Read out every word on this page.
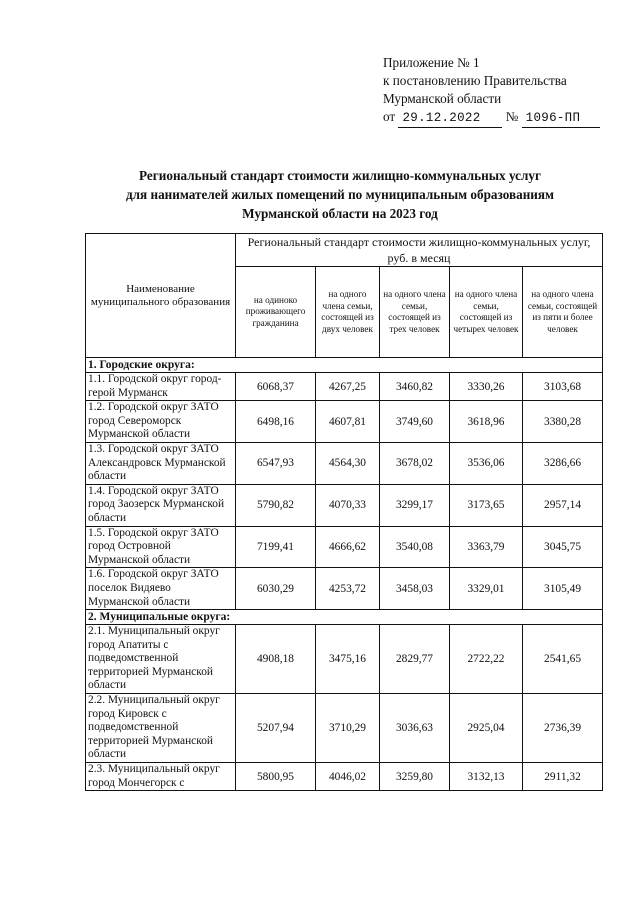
Приложение № 1
к постановлению Правительства
Мурманской области
от 29.12.2022 № 1096-ПП
Региональный стандарт стоимости жилищно-коммунальных услуг
для нанимателей жилых помещений по муниципальным образованиям
Мурманской области на 2023 год
Наименование муниципального образования	Региональный стандарт стоимости жилищно-коммунальных услуг, руб. в месяц				
	на одиноко проживающего гражданина	на одного члена семьи, состоящей из двух человек	на одного члена семьи, состоящей из трех человек	на одного члена семьи, состоящей из четырех человек	на одного члена семьи, состоящей из пяти и более человек
1. Городские округа:					
1.1. Городской округ город-герой Мурманск	6068,37	4267,25	3460,82	3330,26	3103,68
1.2. Городской округ ЗАТО город Североморск Мурманской области	6498,16	4607,81	3749,60	3618,96	3380,28
1.3. Городской округ ЗАТО Александровск Мурманской области	6547,93	4564,30	3678,02	3536,06	3286,66
1.4. Городской округ ЗАТО город Заозерск Мурманской области	5790,82	4070,33	3299,17	3173,65	2957,14
1.5. Городской округ ЗАТО город Островной Мурманской области	7199,41	4666,62	3540,08	3363,79	3045,75
1.6. Городской округ ЗАТО поселок Видяево Мурманской области	6030,29	4253,72	3458,03	3329,01	3105,49
2. Муниципальные округа:					
2.1. Муниципальный округ город Апатиты с подведомственной территорией Мурманской области	4908,18	3475,16	2829,77	2722,22	2541,65
2.2. Муниципальный округ город Кировск с подведомственной территорией Мурманской области	5207,94	3710,29	3036,63	2925,04	2736,39
2.3. Муниципальный округ город Мончегорск с	5800,95	4046,02	3259,80	3132,13	2911,32
